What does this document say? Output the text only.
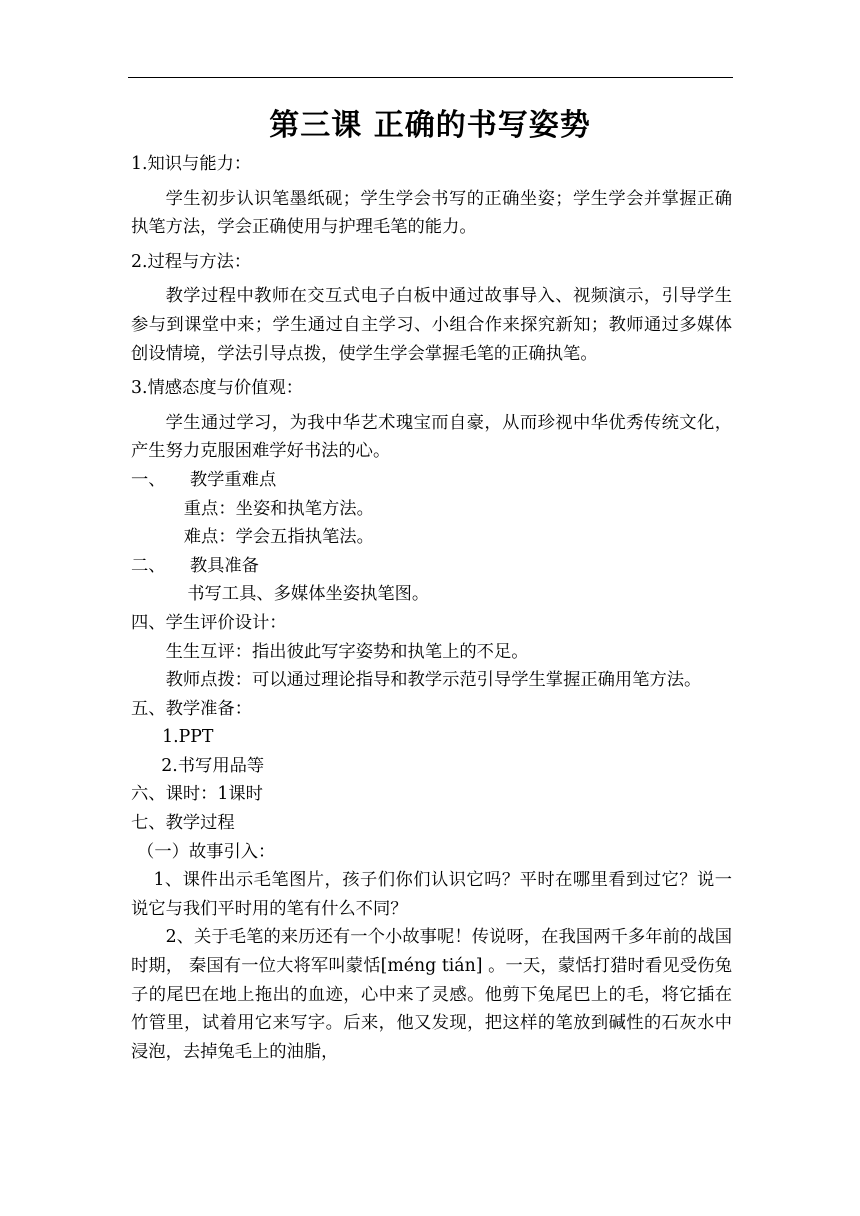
第三课 正确的书写姿势

1.知识与能力：

学生初步认识笔墨纸砚；学生学会书写的正确坐姿；学生学会并掌握正确执笔方法，学会正确使用与护理毛笔的能力。

2.过程与方法：

教学过程中教师在交互式电子白板中通过故事导入、视频演示，引导学生参与到课堂中来；学生通过自主学习、小组合作来探究新知；教师通过多媒体创设情境，学法引导点拨，使学生学会掌握毛笔的正确执笔。

3.情感态度与价值观：

学生通过学习，为我中华艺术瑰宝而自豪，从而珍视中华优秀传统文化，产生努力克服困难学好书法的心。

一、 教学重难点

重点：坐姿和执笔方法。

难点：学会五指执笔法。

二、 教具准备

书写工具、多媒体坐姿执笔图。

四、学生评价设计：

生生互评：指出彼此写字姿势和执笔上的不足。

教师点拨：可以通过理论指导和教学示范引导学生掌握正确用笔方法。

五、教学准备：

1.PPT

2.书写用品等

六、课时：1课时

七、教学过程

（一）故事引入：

1、课件出示毛笔图片，孩子们你们认识它吗？平时在哪里看到过它？说一说它与我们平时用的笔有什么不同？

2、关于毛笔的来历还有一个小故事呢！传说呀，在我国两千多年前的战国时期， 秦国有一位大将军叫蒙恬[méng tián] 。一天，蒙恬打猎时看见受伤兔子的尾巴在地上拖出的血迹，心中来了灵感。他剪下兔尾巴上的毛，将它插在竹管里，试着用它来写字。后来，他又发现，把这样的笔放到碱性的石灰水中浸泡，去掉兔毛上的油脂，
